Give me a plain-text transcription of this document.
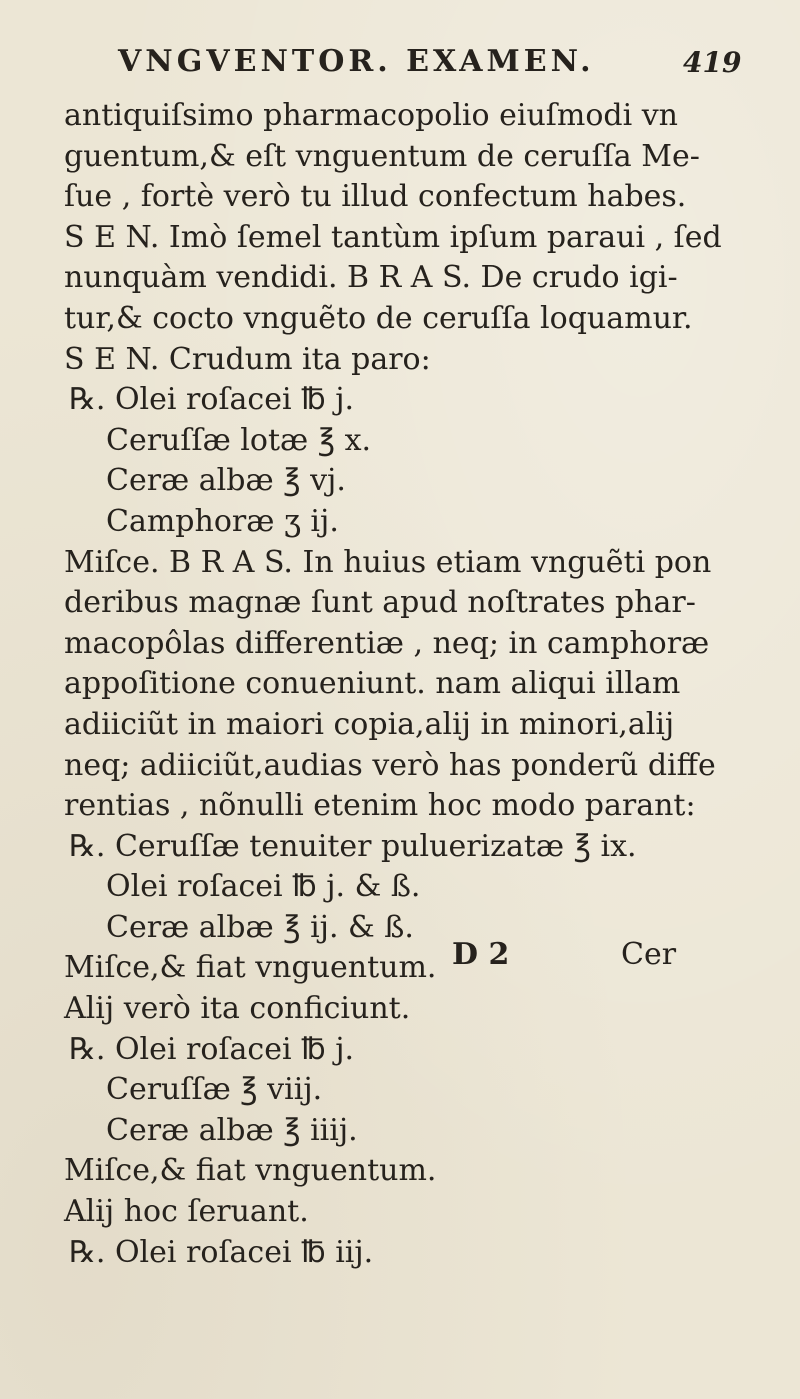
VNGVENTOR. EXAMEN.	419
antiquiſsimo pharmacopolio eiuſmodi vn
guentum,& eſt vnguentum de ceruſſa Me-
ſue , fortè verò tu illud confectum habes.
S E N. Imò ſemel tantùm ipſum paraui , ſed
nunquàm vendidi. B R A S. De crudo igi-
tur,& cocto vnguẽto de ceruſſa loquamur.
S E N. Crudum ita paro:
℞. Olei roſacei ℔ j.
Ceruſſæ lotæ ℥ x.
Ceræ albæ ℥ vj.
Camphoræ ʒ ij.
Miſce. B R A S. In huius etiam vnguẽti pon
deribus magnæ ſunt apud noſtrates phar-
macopôlas differentiæ , neq; in camphoræ
appoſitione conueniunt. nam aliqui illam
adiiciũt in maiori copia,alij in minori,alij
neq; adiiciũt,audias verò has ponderũ diffe
rentias , nõnulli etenim hoc modo parant:
℞. Ceruſſæ tenuiter puluerizatæ ℥ ix.
Olei roſacei ℔ j. & ß.
Ceræ albæ ℥ ij. & ß.
Miſce,& fiat vnguentum.
Alij verò ita conficiunt.
℞. Olei roſacei ℔ j.
Ceruſſæ ℥ viij.
Ceræ albæ ℥ iiij.
Miſce,& fiat vnguentum.
Alij hoc ſeruant.
℞. Olei roſacei ℔ iij.
D 2	Cer
